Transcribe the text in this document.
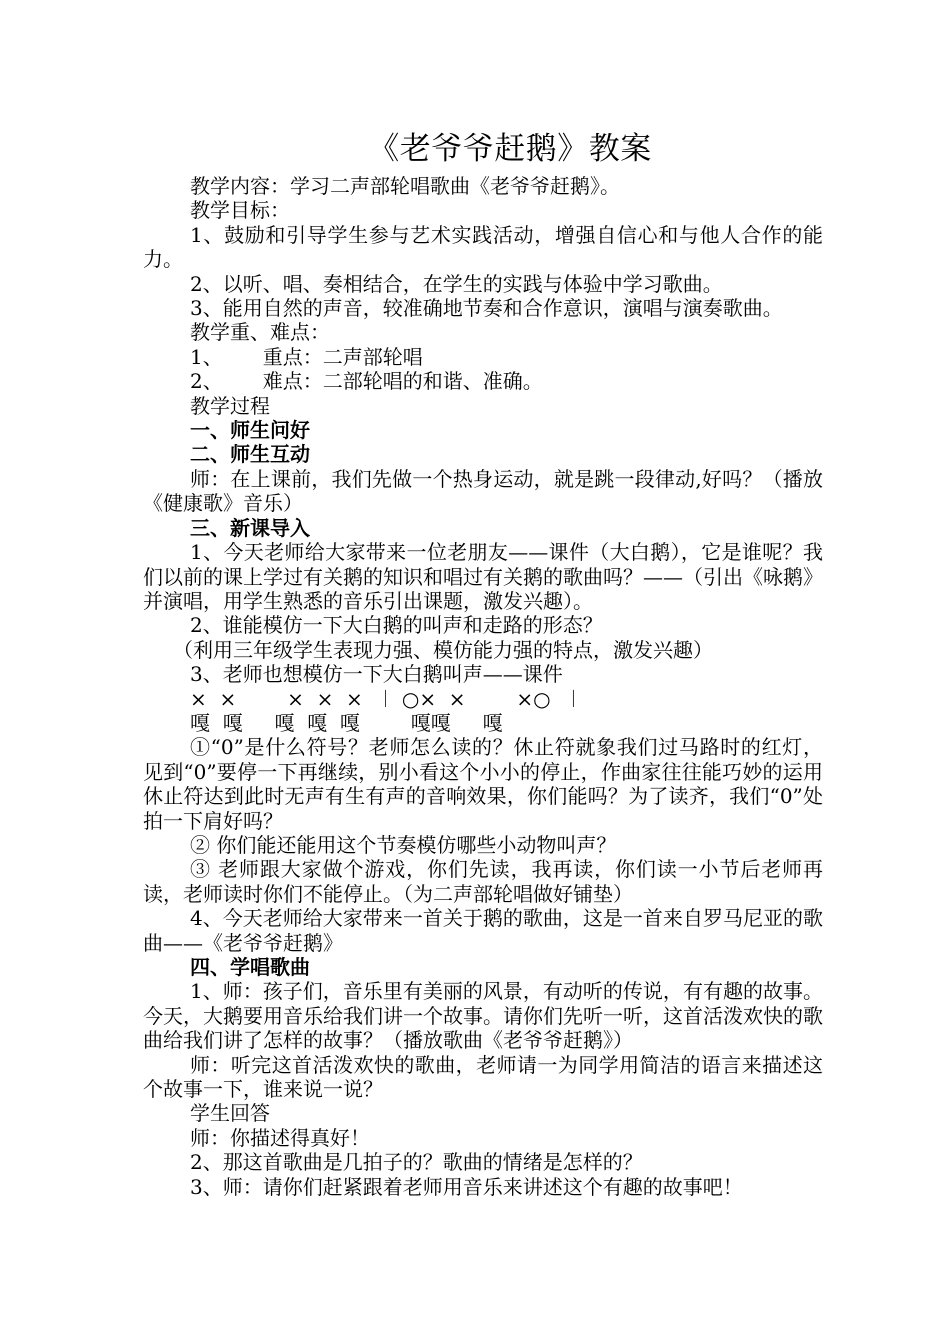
《老爷爷赶鹅》教案

教学内容：学习二声部轮唱歌曲《老爷爷赶鹅》。

教学目标：

1、鼓励和引导学生参与艺术实践活动，增强自信心和与他人合作的能力。

2、以听、唱、奏相结合，在学生的实践与体验中学习歌曲。

3、能用自然的声音，较准确地节奏和合作意识，演唱与演奏歌曲。

教学重、难点：

1、 重点：二声部轮唱

2、 难点：二部轮唱的和谐、准确。

教学过程

一、师生问好

二、师生互动

师：在上课前，我们先做一个热身运动，就是跳一段律动,好吗？（播放《健康歌》音乐）

三、新课导入

1、今天老师给大家带来一位老朋友——课件（大白鹅），它是谁呢？我们以前的课上学过有关鹅的知识和唱过有关鹅的歌曲吗？——（引出《咏鹅》并演唱，用学生熟悉的音乐引出课题，激发兴趣）。

2、谁能模仿一下大白鹅的叫声和走路的形态？

（利用三年级学生表现力强、模仿能力强的特点，激发兴趣）

3、老师也想模仿一下大白鹅叫声——课件

×  ×        ×  ×  ×  ︱ ○×  ×        ×○  ︱

嘎  嘎     嘎  嘎  嘎        嘎嘎     嘎

①“0”是什么符号？老师怎么读的？休止符就象我们过马路时的红灯，见到“0”要停一下再继续，别小看这个小小的停止，作曲家往往能巧妙的运用休止符达到此时无声有生有声的音响效果，你们能吗？为了读齐，我们“0”处拍一下肩好吗？

② 你们能还能用这个节奏模仿哪些小动物叫声？

③ 老师跟大家做个游戏，你们先读，我再读，你们读一小节后老师再读，老师读时你们不能停止。（为二声部轮唱做好铺垫）

4、今天老师给大家带来一首关于鹅的歌曲，这是一首来自罗马尼亚的歌曲——《老爷爷赶鹅》

四、学唱歌曲

1、师：孩子们，音乐里有美丽的风景，有动听的传说，有有趣的故事。今天，大鹅要用音乐给我们讲一个故事。请你们先听一听，这首活泼欢快的歌曲给我们讲了怎样的故事？（播放歌曲《老爷爷赶鹅》）

师：听完这首活泼欢快的歌曲，老师请一为同学用简洁的语言来描述这个故事一下，谁来说一说？

学生回答

师：你描述得真好！

2、那这首歌曲是几拍子的？歌曲的情绪是怎样的？

3、师：请你们赶紧跟着老师用音乐来讲述这个有趣的故事吧！
